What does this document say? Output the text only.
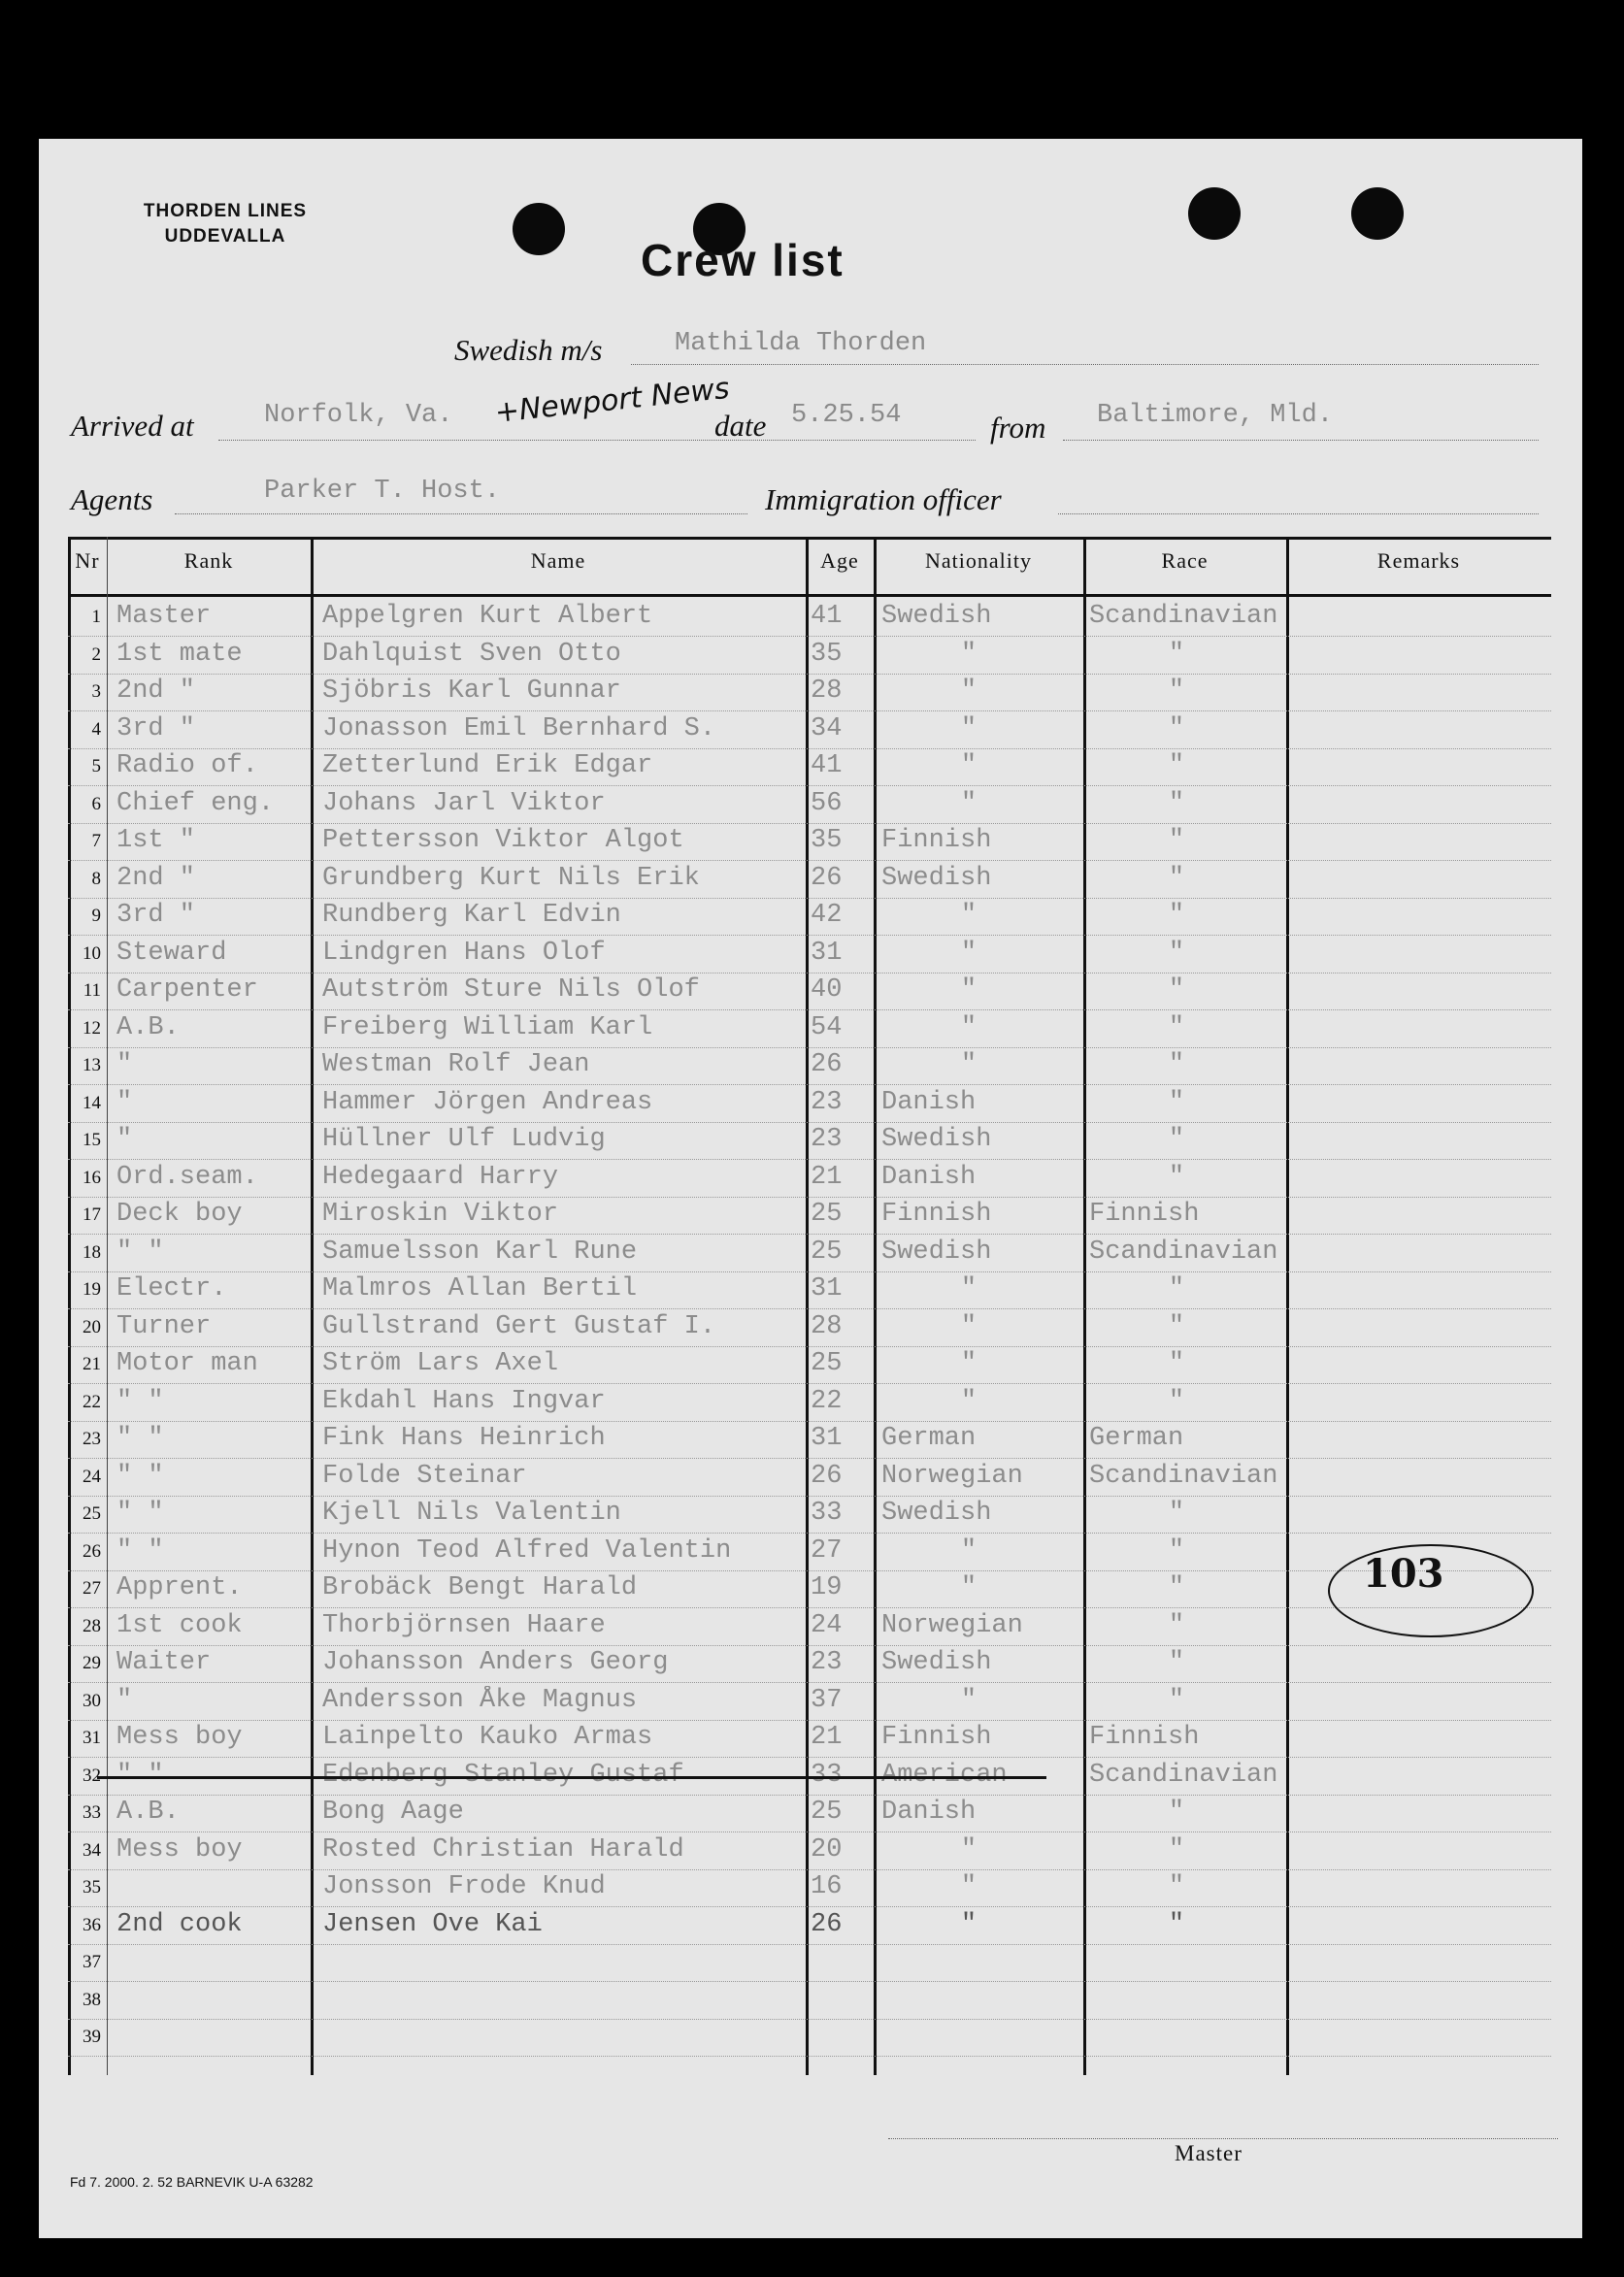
THORDEN LINES
UDDEVALLA	Crew list
Swedish m/s	Mathilda Thorden
Arrived at	Norfolk, Va. +Newport News
date 5.25.54	from Baltimore, Mld.
Agents	Parker T. Host.	Immigration officer
Nr	Rank	Name	Age	Nationality	Race	Remarks
1 Master	Appelgren Kurt Albert	41	Swedish	Scandinavian
2 1st mate	Dahlquist Sven Otto	35	"	"
3 2nd "	Sjöbris Karl Gunnar	28	"	"
4 3rd "	Jonasson Emil Bernhard S.	34	"	"
5 Radio of.	Zetterlund Erik Edgar	41	"	"
6 Chief eng.	Johans Jarl Viktor	56	"	"
7 1st "	Pettersson Viktor Algot	35	Finnish	"
8 2nd "	Grundberg Kurt Nils Erik	26	Swedish	"
9 3rd "	Rundberg Karl Edvin	42	"	"
10 Steward	Lindgren Hans Olof	31	"	"
11 Carpenter	Autström Sture Nils Olof	40	"	"
12 A.B.	Freiberg William Karl	54	"	"
13 "	Westman Rolf Jean	26	"	"
14 "	Hammer Jörgen Andreas	23	Danish	"
15 "	Hüllner Ulf Ludvig	23	Swedish	"
16 Ord.seam.	Hedegaard Harry	21	Danish	"
17 Deck boy	Miroskin Viktor	25	Finnish	Finnish
18 " "	Samuelsson Karl Rune	25	Swedish	Scandinavian
19 Electr.	Malmros Allan Bertil	31	"	"
20 Turner	Gullstrand Gert Gustaf I.	28	"	"
21 Motor man	Ström Lars Axel	25	"	"
22 " "	Ekdahl Hans Ingvar	22	"	"
23 " "	Fink Hans Heinrich	31	German	German
24 " "	Folde Steinar	26	Norwegian	Scandinavian
25 " "	Kjell Nils Valentin	33	Swedish	"
26 " "	Hynon Teod Alfred Valentin	27	"	"
27 Apprent.	Brobäck Bengt Harald	19	"	"
28 1st cook	Thorbjörnsen Haare	24	Norwegian	"
29 Waiter	Johansson Anders Georg	23	Swedish	"
30 "	Andersson Åke Magnus	37	"	"
31 Mess boy	Lainpelto Kauko Armas	21	Finnish	Finnish
32 " "	Edenberg Stanley Gustaf	33	American	Scandinavian
33 A.B.	Bong Aage	25	Danish	"
34 Mess boy	Rosted Christian Harald	20	"	"
35	Jonsson Frode Knud	16	"	"
36 2nd cook	Jensen Ove Kai	26	"	"
37
38
39
103
Master
Fd 7. 2000. 2. 52 BARNEVIK U-A 63282
